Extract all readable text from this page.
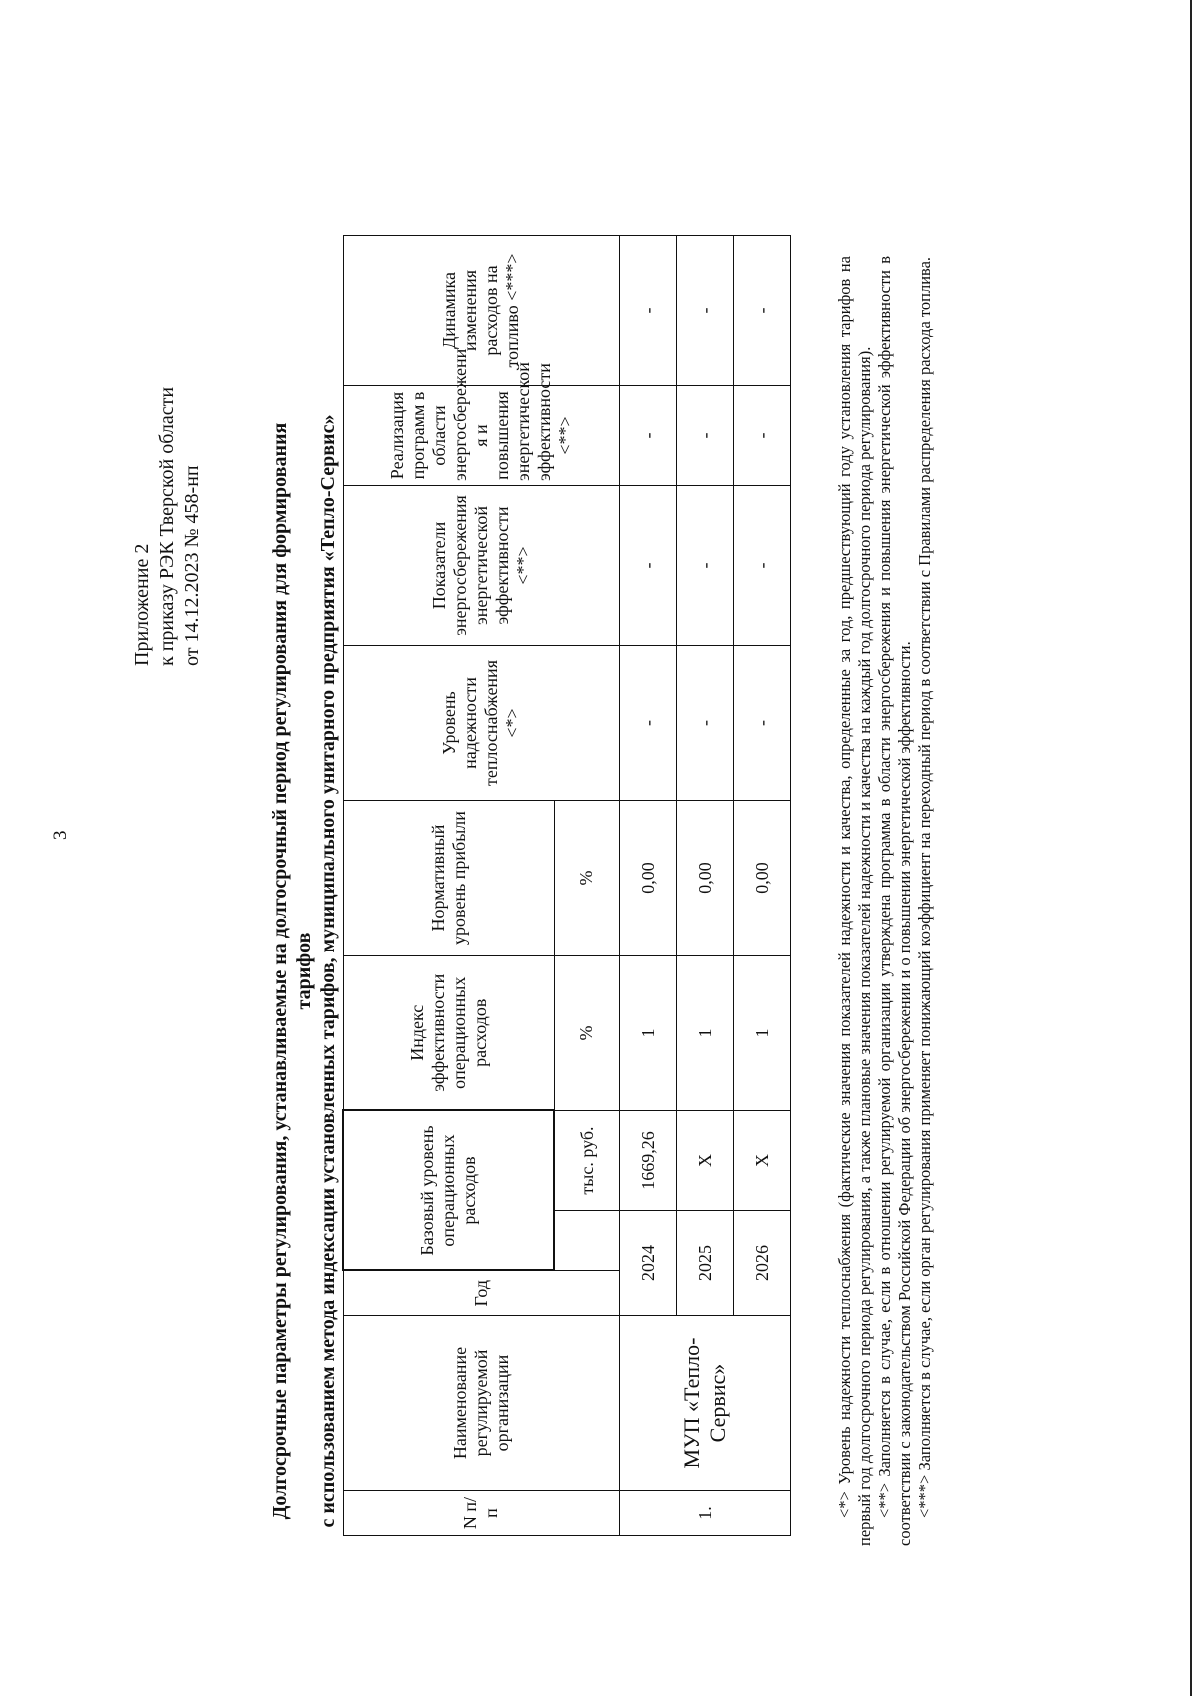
3
Приложение 2 к приказу РЭК Тверской области от 14.12.2023 № 458-нп	Долгосрочные параметры регулирования, устанавливаемые на долгосрочный период регулирования для формирования тарифов с использованием метода индексации установленных тарифов, муниципального унитарного предприятия «Тепло-Сервис»	N п/п	Наименование регулируемой организации	Год	Базовый уровень операционных расходов		Индекс эффективности операционных расходов	Нормативный уровень прибыли	Уровень надежности теплоснабжения <*>	Показатели энергосбережения энергетической эффективности <**>	Реализация программ в области энергосбережени я и повышения энергетической эффективности <**>	Динамика изменения расходов на топливо <***>
				тыс. руб.	%	%				
1.	МУП «Тепло-Сервис»	2024		1669,26	1	0,00	-	-	-	-
		2025		Х	1	0,00	-	-	-	-
		2026		Х	1	0,00	-	-	-	-	<*> Уровень надежности теплоснабжения (фактические значения показателей надежности и качества, определенные за год, предшествующий году установления тарифов на первый год долгосрочного периода регулирования, а также плановые значения показателей надежности и качества на каждый год долгосрочного периода регулирования). <**> Заполняется в случае, если в отношении регулируемой организации утверждена программа в области энергосбережения и повышения энергетической эффективности в соответствии с законодательством Российской Федерации об энергосбережении и о повышении энергетической эффективности. <***> Заполняется в случае, если орган регулирования применяет понижающий коэффициент на переходный период в соответствии с Правилами распределения расхода топлива.
